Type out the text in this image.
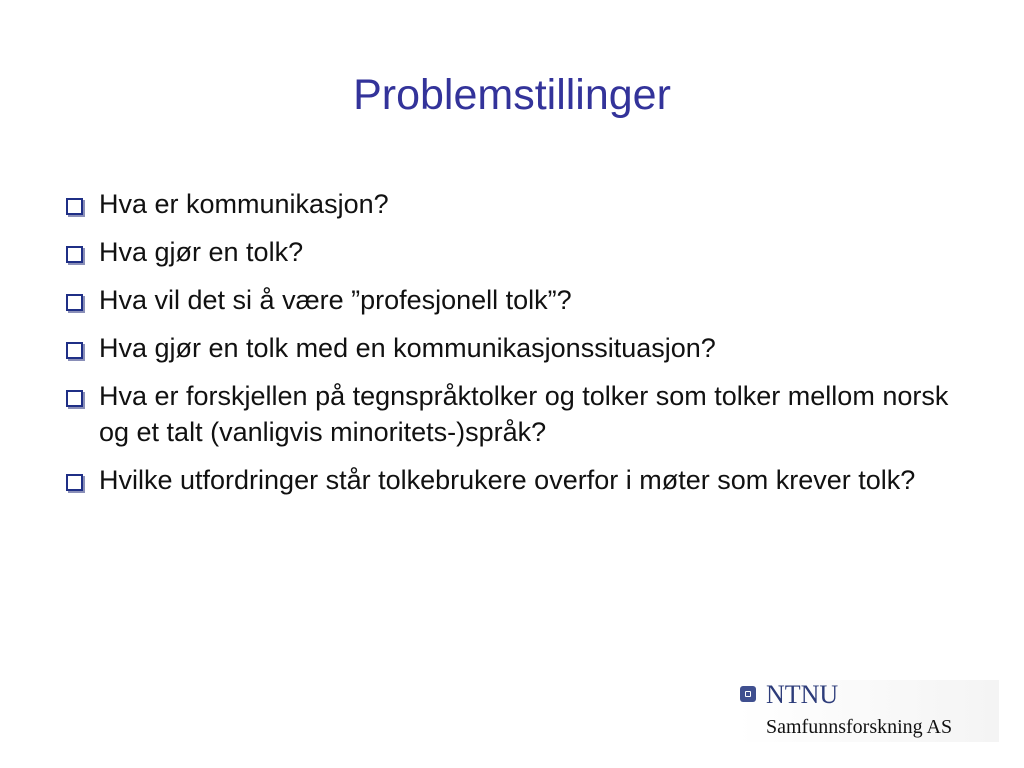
Problemstillinger
Hva er kommunikasjon?
Hva gjør en tolk?
Hva vil det si å være ”profesjonell tolk”?
Hva gjør en tolk med en kommunikasjonssituasjon?
Hva er forskjellen på tegnspråktolker og tolker som tolker mellom norsk og et talt (vanligvis minoritets-)språk?
Hvilke utfordringer står tolkebrukere overfor i møter som krever tolk?
NTNU
Samfunnsforskning AS
